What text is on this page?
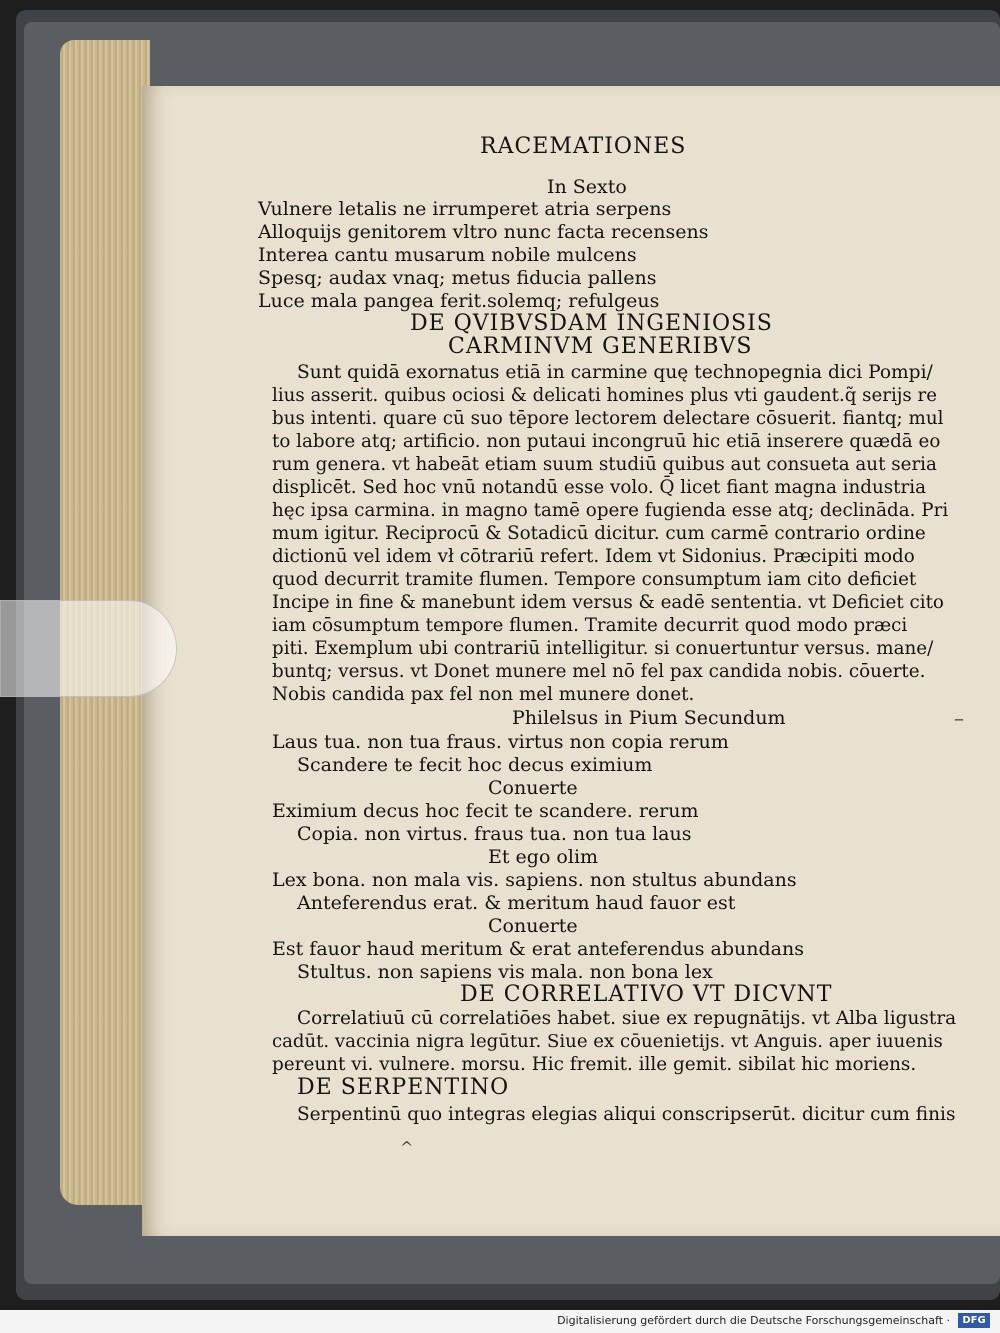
RACEMATIONES
In Sexto
Vulnere letalis ne irrumperet atria serpens
Alloquijs genitorem vltro nunc facta recensens
Interea cantu musarum nobile mulcens
Spesq; audax vnaq; metus fiducia pallens
Luce mala pangea ferit.solemq; refulgeus
DE QVIBVSDAM INGENIOSIS
CARMINVM GENERIBVS
Sunt quidā exornatus etiā in carmine quę technopegnia dici Pompi/
lius asserit. quibus ociosi & delicati homines plus vti gaudent.q̃ serijs re
bus intenti. quare cū suo tēpore lectorem delectare cōsuerit. fiantq; mul
to labore atq; artificio. non putaui incongruū hic etiā inserere quædā eo
rum genera. vt habeāt etiam suum studiū quibus aut consueta aut seria
displicēt. Sed hoc vnū notandū esse volo. Q̄ licet fiant magna industria
hęc ipsa carmina. in magno tamē opere fugienda esse atq; declināda. Pri
mum igitur. Reciprocū & Sotadicū dicitur. cum carmē contrario ordine
dictionū vel idem vł cōtrariū refert. Idem vt Sidonius. Præcipiti modo
quod decurrit tramite flumen. Tempore consumptum iam cito deficiet
Incipe in fine & manebunt idem versus & eadē sententia. vt Deficiet cito
iam cōsumptum tempore flumen. Tramite decurrit quod modo præci
piti. Exemplum ubi contrariū intelligitur. si conuertuntur versus. mane/
buntq; versus. vt Donet munere mel nō fel pax candida nobis. cōuerte.
Nobis candida pax fel non mel munere donet.
Philelsus in Pium Secundum
Laus tua. non tua fraus. virtus non copia rerum
Scandere te fecit hoc decus eximium
Conuerte
Eximium decus hoc fecit te scandere. rerum
Copia. non virtus. fraus tua. non tua laus
Et ego olim
Lex bona. non mala vis. sapiens. non stultus abundans
Anteferendus erat. & meritum haud fauor est
Conuerte
Est fauor haud meritum & erat anteferendus abundans
Stultus. non sapiens vis mala. non bona lex
DE CORRELATIVO VT DICVNT
Correlatiuū cū correlatiōes habet. siue ex repugnātijs. vt Alba ligustra
cadūt. vaccinia nigra legūtur. Siue ex cōuenietijs. vt Anguis. aper iuuenis
pereunt vi. vulnere. morsu. Hic fremit. ille gemit. sibilat hic moriens.
DE SERPENTINO
Serpentinū quo integras elegias aliqui conscripserūt. dicitur cum finis
–
^
Digitalisierung gefördert durch die Deutsche Forschungsgemeinschaft ·	DFG
